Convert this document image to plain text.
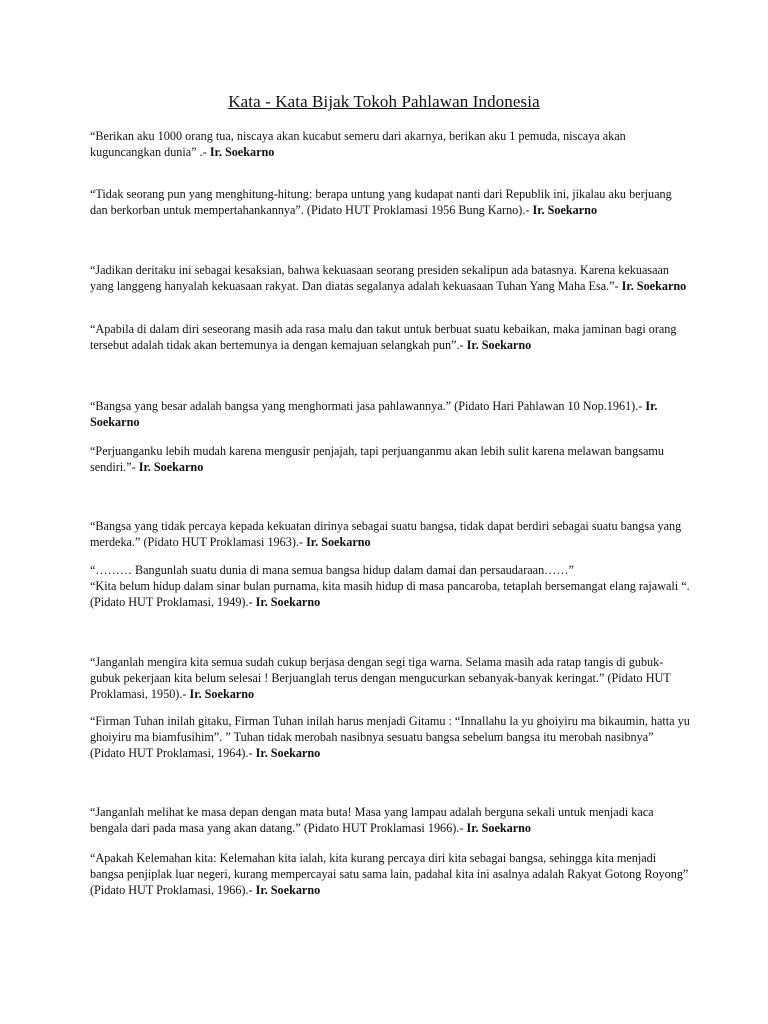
Kata - Kata Bijak Tokoh Pahlawan Indonesia

“Berikan aku 1000 orang tua, niscaya akan kucabut semeru dari akarnya, berikan aku 1 pemuda, niscaya akan kuguncangkan dunia” .- Ir. Soekarno

“Tidak seorang pun yang menghitung-hitung: berapa untung yang kudapat nanti dari Republik ini, jikalau aku berjuang dan berkorban untuk mempertahankannya”. (Pidato HUT Proklamasi 1956 Bung Karno).- Ir. Soekarno

“Jadikan deritaku ini sebagai kesaksian, bahwa kekuasaan seorang presiden sekalipun ada batasnya. Karena kekuasaan yang langgeng hanyalah kekuasaan rakyat. Dan diatas segalanya adalah kekuasaan Tuhan Yang Maha Esa.”- Ir. Soekarno

“Apabila di dalam diri seseorang masih ada rasa malu dan takut untuk berbuat suatu kebaikan, maka jaminan bagi orang tersebut adalah tidak akan bertemunya ia dengan kemajuan selangkah pun”.- Ir. Soekarno

“Bangsa yang besar adalah bangsa yang menghormati jasa pahlawannya.” (Pidato Hari Pahlawan 10 Nop.1961).- Ir. Soekarno

“Perjuanganku lebih mudah karena mengusir penjajah, tapi perjuanganmu akan lebih sulit karena melawan bangsamu sendiri.”- Ir. Soekarno

“Bangsa yang tidak percaya kepada kekuatan dirinya sebagai suatu bangsa, tidak dapat berdiri sebagai suatu bangsa yang merdeka.” (Pidato HUT Proklamasi 1963).- Ir. Soekarno

“……… Bangunlah suatu dunia di mana semua bangsa hidup dalam damai dan persaudaraan……”

“Kita belum hidup dalam sinar bulan purnama, kita masih hidup di masa pancaroba, tetaplah bersemangat elang rajawali “. (Pidato HUT Proklamasi, 1949).- Ir. Soekarno

“Janganlah mengira kita semua sudah cukup berjasa dengan segi tiga warna. Selama masih ada ratap tangis di gubuk-gubuk pekerjaan kita belum selesai ! Berjuanglah terus dengan mengucurkan sebanyak-banyak keringat.” (Pidato HUT Proklamasi, 1950).- Ir. Soekarno

“Firman Tuhan inilah gitaku, Firman Tuhan inilah harus menjadi Gitamu : “Innallahu la yu ghoiyiru ma bikaumin, hatta yu ghoiyiru ma biamfusihim”. ” Tuhan tidak merobah nasibnya sesuatu bangsa sebelum bangsa itu merobah nasibnya” (Pidato HUT Proklamasi, 1964).- Ir. Soekarno

“Janganlah melihat ke masa depan dengan mata buta! Masa yang lampau adalah berguna sekali untuk menjadi kaca bengala dari pada masa yang akan datang.” (Pidato HUT Proklamasi 1966).- Ir. Soekarno

“Apakah Kelemahan kita: Kelemahan kita ialah, kita kurang percaya diri kita sebagai bangsa, sehingga kita menjadi bangsa penjiplak luar negeri, kurang mempercayai satu sama lain, padahal kita ini asalnya adalah Rakyat Gotong Royong” (Pidato HUT Proklamasi, 1966).- Ir. Soekarno
